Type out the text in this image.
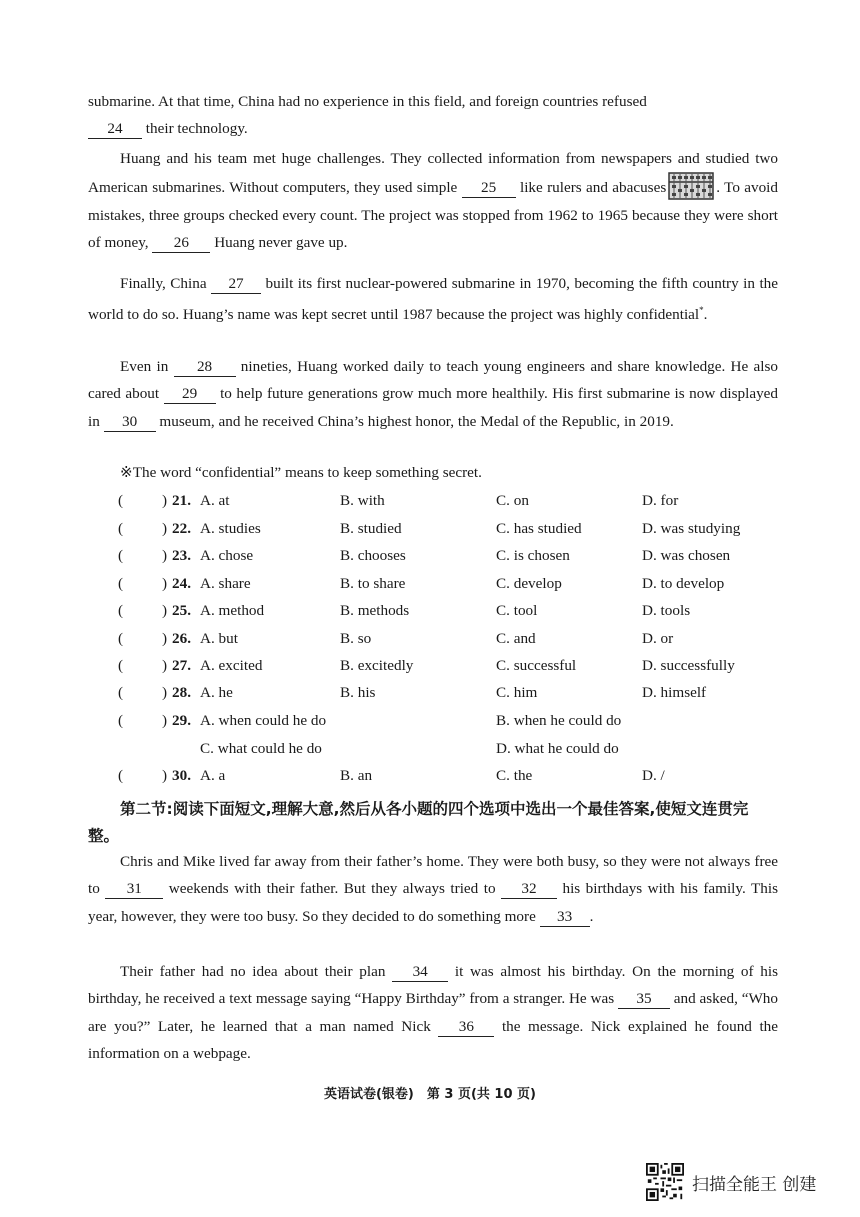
submarine. At that time, China had no experience in this field, and foreign countries refused
24 their technology.

Huang and his team met huge challenges. They collected information from newspapers and studied two American submarines. Without computers, they used simple 25 like rulers and abacuses	. To avoid mistakes, three groups checked every count. The project was stopped from 1962 to 1965 because they were short of money, 26 Huang never gave up.

Finally, China 27 built its first nuclear-powered submarine in 1970, becoming the fifth country in the world to do so. Huang’s name was kept secret until 1987 because the project was highly confidential*.

Even in 28 nineties, Huang worked daily to teach young engineers and share knowledge. He also cared about 29 to help future generations grow much more healthily. His first submarine is now displayed in 30 museum, and he received China’s highest honor, the Medal of the Republic, in 2019.

※The word “confidential” means to keep something secret.
(	) 21. A. at	B. with	C. on	D. for
(	) 22. A. studies	B. studied	C. has studied	D. was studying
(	) 23. A. chose	B. chooses	C. is chosen	D. was chosen
(	) 24. A. share	B. to share	C. develop	D. to develop
(	) 25. A. method	B. methods	C. tool	D. tools
(	) 26. A. but	B. so	C. and	D. or
(	) 27. A. excited	B. excitedly	C. successful	D. successfully
(	) 28. A. he	B. his	C. him	D. himself
(	) 29. A. when could he do	B. when he could do
C. what could he do	D. what he could do
(	) 30. A. a	B. an	C. the	D. /

第二节:阅读下面短文,理解大意,然后从各小题的四个选项中选出一个最佳答案,使短文连贯完整。

Chris and Mike lived far away from their father’s home. They were both busy, so they were not always free to 31 weekends with their father. But they always tried to 32 his birthdays with his family. This year, however, they were too busy. So they decided to do something more 33 .

Their father had no idea about their plan 34 it was almost his birthday. On the morning of his birthday, he received a text message saying “Happy Birthday” from a stranger. He was 35 and asked, “Who are you?” Later, he learned that a man named Nick 36 the message. Nick explained he found the information on a webpage.

英语试卷(银卷)　第 3 页(共 10 页)
扫描全能王 创建
